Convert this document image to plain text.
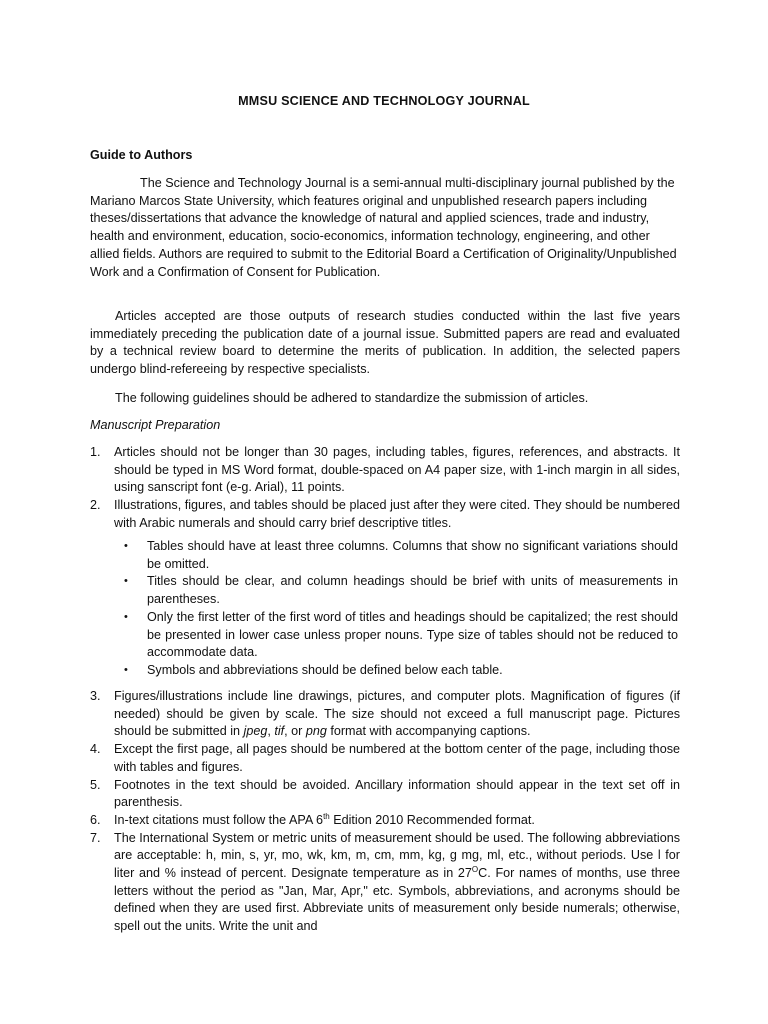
MMSU SCIENCE AND TECHNOLOGY JOURNAL
Guide to Authors

The Science and Technology Journal is a semi-annual multi-disciplinary journal published by the Mariano Marcos State University, which features original and unpublished research papers including theses/dissertations that advance the knowledge of natural and applied sciences, trade and industry, health and environment, education, socio-economics, information technology, engineering, and other allied fields. Authors are required to submit to the Editorial Board a Certification of Originality/Unpublished Work and a Confirmation of Consent for Publication.

Articles accepted are those outputs of research studies conducted within the last five years immediately preceding the publication date of a journal issue. Submitted papers are read and evaluated by a technical review board to determine the merits of publication. In addition, the selected papers undergo blind-refereeing by respective specialists.

The following guidelines should be adhered to standardize the submission of articles.

Manuscript Preparation
1. Articles should not be longer than 30 pages, including tables, figures, references, and abstracts. It should be typed in MS Word format, double-spaced on A4 paper size, with 1-inch margin in all sides, using sanscript font (e-g. Arial), 11 points.
2. Illustrations, figures, and tables should be placed just after they were cited. They should be numbered with Arabic numerals and should carry brief descriptive titles.
• Tables should have at least three columns. Columns that show no significant variations should be omitted.
• Titles should be clear, and column headings should be brief with units of measurements in parentheses.
• Only the first letter of the first word of titles and headings should be capitalized; the rest should be presented in lower case unless proper nouns. Type size of tables should not be reduced to accommodate data.
• Symbols and abbreviations should be defined below each table.
3. Figures/illustrations include line drawings, pictures, and computer plots. Magnification of figures (if needed) should be given by scale. The size should not exceed a full manuscript page. Pictures should be submitted in jpeg, tif, or png format with accompanying captions.
4. Except the first page, all pages should be numbered at the bottom center of the page, including those with tables and figures.
5. Footnotes in the text should be avoided. Ancillary information should appear in the text set off in parenthesis.
6. In-text citations must follow the APA 6th Edition 2010 Recommended format.
7. The International System or metric units of measurement should be used. The following abbreviations are acceptable: h, min, s, yr, mo, wk, km, m, cm, mm, kg, g mg, ml, etc., without periods. Use l for liter and % instead of percent. Designate temperature as in $27^OC$. For names of months, use three letters without the period as "Jan, Mar, Apr," etc. Symbols, abbreviations, and acronyms should be defined when they are used first. Abbreviate units of measurement only beside numerals; otherwise, spell out the units. Write the unit and
